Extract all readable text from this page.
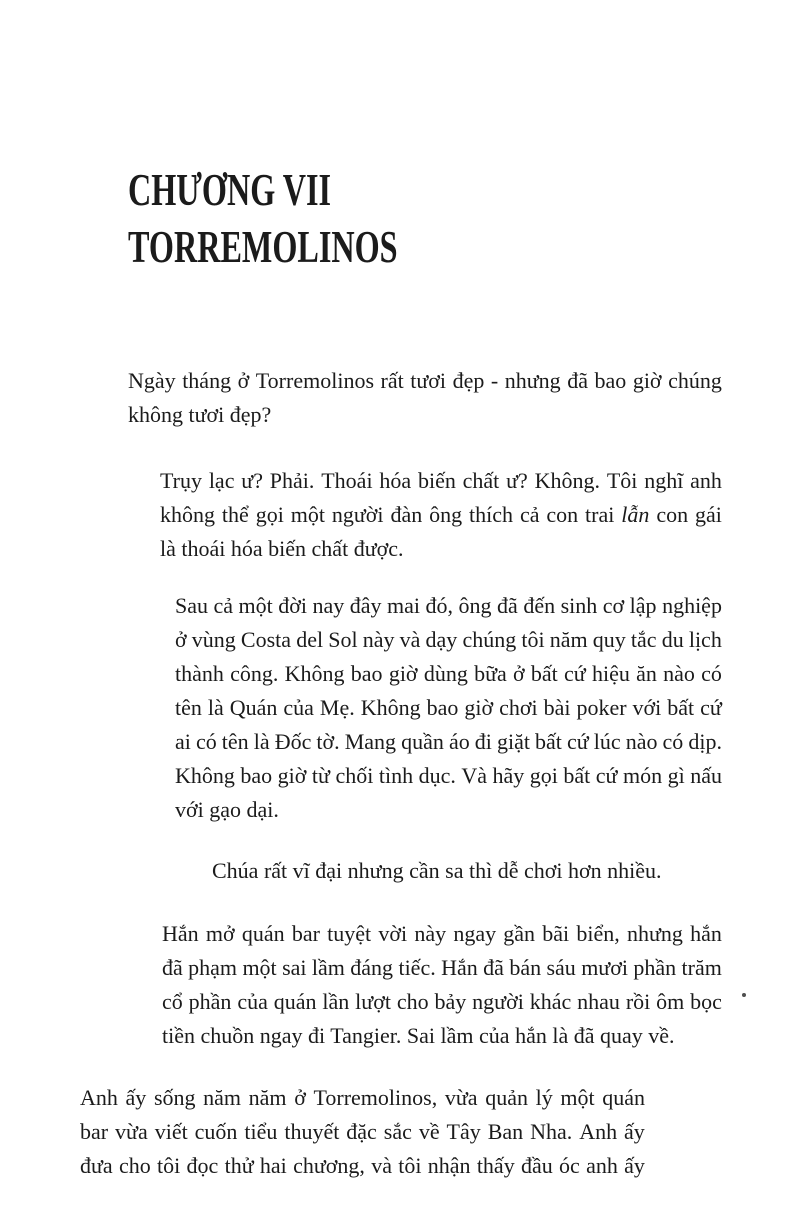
CHƯƠNG VII
TORREMOLINOS
Ngày tháng ở Torremolinos rất tươi đẹp - nhưng đã bao giờ chúng
không tươi đẹp?
Trụy lạc ư? Phải. Thoái hóa biến chất ư? Không. Tôi nghĩ anh
không thể gọi một người đàn ông thích cả con trai lẫn con gái
là thoái hóa biến chất được.
Sau cả một đời nay đây mai đó, ông đã đến sinh cơ lập nghiệp
ở vùng Costa del Sol này và dạy chúng tôi năm quy tắc du lịch
thành công. Không bao giờ dùng bữa ở bất cứ hiệu ăn nào có
tên là Quán của Mẹ. Không bao giờ chơi bài poker với bất cứ
ai có tên là Đốc tờ. Mang quần áo đi giặt bất cứ lúc nào có dịp.
Không bao giờ từ chối tình dục. Và hãy gọi bất cứ món gì nấu
với gạo dại.
Chúa rất vĩ đại nhưng cần sa thì dễ chơi hơn nhiều.
Hắn mở quán bar tuyệt vời này ngay gần bãi biển, nhưng hắn
đã phạm một sai lầm đáng tiếc. Hắn đã bán sáu mươi phần trăm
cổ phần của quán lần lượt cho bảy người khác nhau rồi ôm bọc
tiền chuồn ngay đi Tangier. Sai lầm của hắn là đã quay về.
Anh ấy sống năm năm ở Torremolinos, vừa quản lý một quán
bar vừa viết cuốn tiểu thuyết đặc sắc về Tây Ban Nha. Anh ấy
đưa cho tôi đọc thử hai chương, và tôi nhận thấy đầu óc anh ấy
